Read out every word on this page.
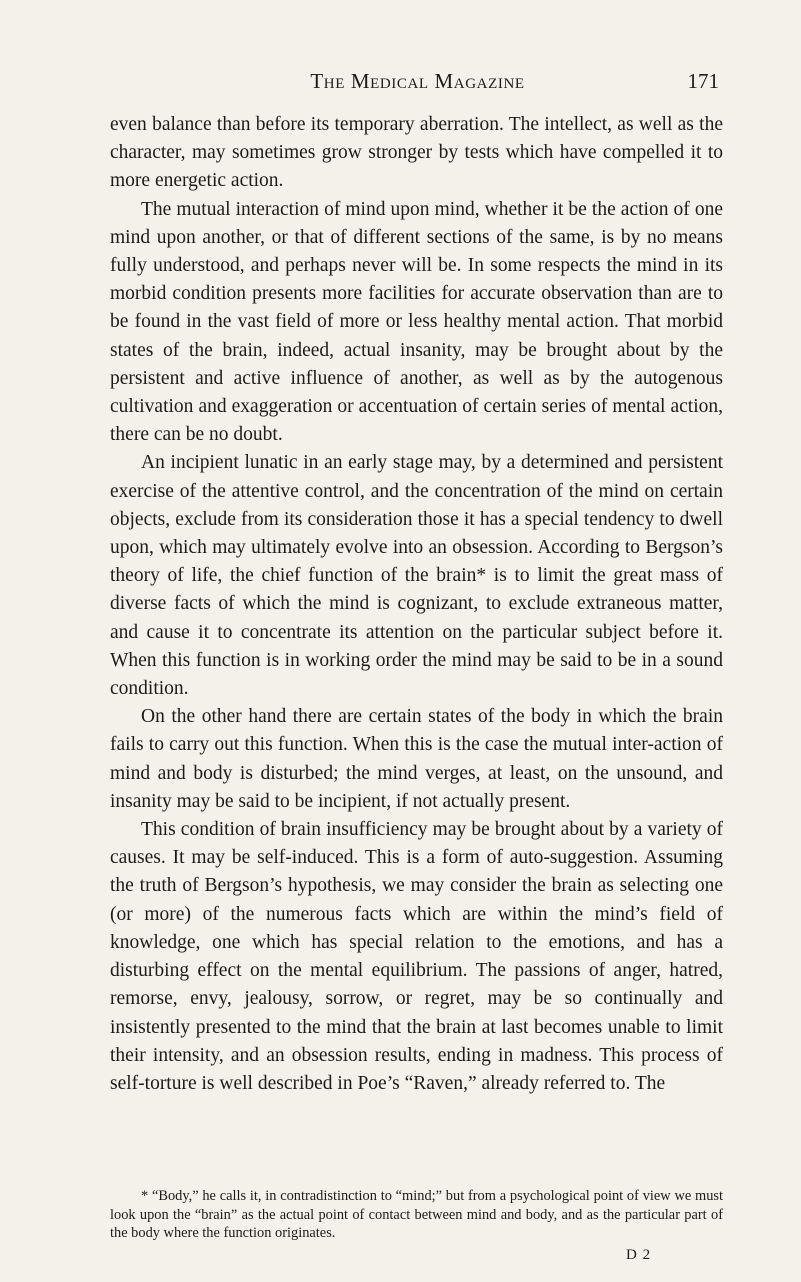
The Medical Magazine	171

even balance than before its temporary aberration. The intellect, as well as the character, may sometimes grow stronger by tests which have compelled it to more energetic action.

The mutual interaction of mind upon mind, whether it be the action of one mind upon another, or that of different sections of the same, is by no means fully understood, and perhaps never will be. In some respects the mind in its morbid condition presents more facilities for accurate observation than are to be found in the vast field of more or less healthy mental action. That morbid states of the brain, indeed, actual insanity, may be brought about by the persistent and active influence of another, as well as by the autogenous cultivation and exaggeration or accentuation of certain series of mental action, there can be no doubt.

An incipient lunatic in an early stage may, by a determined and persistent exercise of the attentive control, and the concentration of the mind on certain objects, exclude from its consideration those it has a special tendency to dwell upon, which may ultimately evolve into an obsession. According to Bergson’s theory of life, the chief function of the brain* is to limit the great mass of diverse facts of which the mind is cognizant, to exclude extraneous matter, and cause it to concentrate its attention on the particular subject before it. When this function is in working order the mind may be said to be in a sound condition.

On the other hand there are certain states of the body in which the brain fails to carry out this function. When this is the case the mutual inter-action of mind and body is disturbed; the mind verges, at least, on the unsound, and insanity may be said to be incipient, if not actually present.

This condition of brain insufficiency may be brought about by a variety of causes. It may be self-induced. This is a form of auto-suggestion. Assuming the truth of Bergson’s hypothesis, we may consider the brain as selecting one (or more) of the numerous facts which are within the mind’s field of knowledge, one which has special relation to the emotions, and has a disturbing effect on the mental equilibrium. The passions of anger, hatred, remorse, envy, jealousy, sorrow, or regret, may be so continually and insistently presented to the mind that the brain at last becomes unable to limit their intensity, and an obsession results, ending in madness. This process of self-torture is well described in Poe’s “Raven,” already referred to. The

* “Body,” he calls it, in contradistinction to “mind;” but from a psychological point of view we must look upon the “brain” as the actual point of contact between mind and body, and as the particular part of the body where the function originates.

D 2
